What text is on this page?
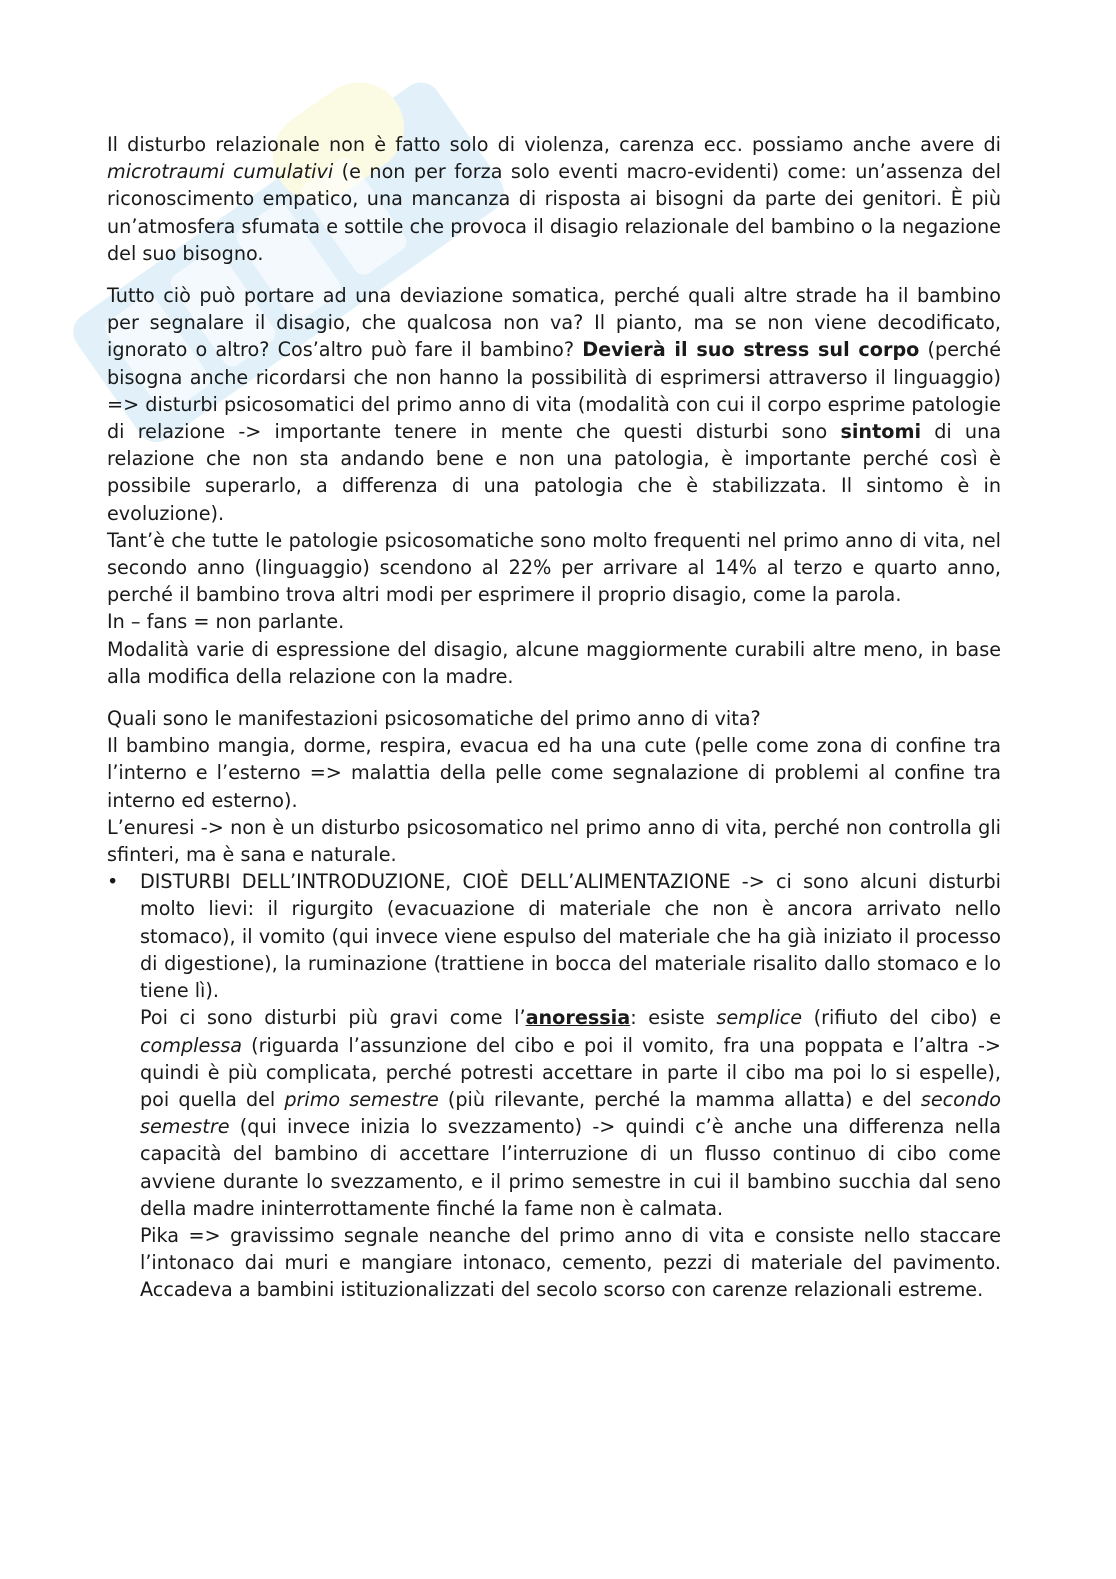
Il disturbo relazionale non è fatto solo di violenza, carenza ecc. possiamo anche avere di microtraumi cumulativi (e non per forza solo eventi macro-evidenti) come: un’assenza del riconoscimento empatico, una mancanza di risposta ai bisogni da parte dei genitori. È più un’atmosfera sfumata e sottile che provoca il disagio relazionale del bambino o la negazione del suo bisogno.

Tutto ciò può portare ad una deviazione somatica, perché quali altre strade ha il bambino per segnalare il disagio, che qualcosa non va? Il pianto, ma se non viene decodificato, ignorato o altro? Cos’altro può fare il bambino? Devierà il suo stress sul corpo (perché bisogna anche ricordarsi che non hanno la possibilità di esprimersi attraverso il linguaggio) => disturbi psicosomatici del primo anno di vita (modalità con cui il corpo esprime patologie di relazione -> importante tenere in mente che questi disturbi sono sintomi di una relazione che non sta andando bene e non una patologia, è importante perché così è possibile superarlo, a differenza di una patologia che è stabilizzata. Il sintomo è in evoluzione).

Tant’è che tutte le patologie psicosomatiche sono molto frequenti nel primo anno di vita, nel secondo anno (linguaggio) scendono al 22% per arrivare al 14% al terzo e quarto anno, perché il bambino trova altri modi per esprimere il proprio disagio, come la parola.

In – fans = non parlante.

Modalità varie di espressione del disagio, alcune maggiormente curabili altre meno, in base alla modifica della relazione con la madre.

Quali sono le manifestazioni psicosomatiche del primo anno di vita?

Il bambino mangia, dorme, respira, evacua ed ha una cute (pelle come zona di confine tra l’interno e l’esterno => malattia della pelle come segnalazione di problemi al confine tra interno ed esterno).

L’enuresi -> non è un disturbo psicosomatico nel primo anno di vita, perché non controlla gli sfinteri, ma è sana e naturale.

•	DISTURBI DELL’INTRODUZIONE, CIOÈ DELL’ALIMENTAZIONE -> ci sono alcuni disturbi molto lievi: il rigurgito (evacuazione di materiale che non è ancora arrivato nello stomaco), il vomito (qui invece viene espulso del materiale che ha già iniziato il processo di digestione), la ruminazione (trattiene in bocca del materiale risalito dallo stomaco e lo tiene lì).

Poi ci sono disturbi più gravi come l’anoressia: esiste semplice (rifiuto del cibo) e complessa (riguarda l’assunzione del cibo e poi il vomito, fra una poppata e l’altra -> quindi è più complicata, perché potresti accettare in parte il cibo ma poi lo si espelle), poi quella del primo semestre (più rilevante, perché la mamma allatta) e del secondo semestre (qui invece inizia lo svezzamento) -> quindi c’è anche una differenza nella capacità del bambino di accettare l’interruzione di un flusso continuo di cibo come avviene durante lo svezzamento, e il primo semestre in cui il bambino succhia dal seno della madre ininterrottamente finché la fame non è calmata.

Pika => gravissimo segnale neanche del primo anno di vita e consiste nello staccare l’intonaco dai muri e mangiare intonaco, cemento, pezzi di materiale del pavimento. Accadeva a bambini istituzionalizzati del secolo scorso con carenze relazionali estreme.
